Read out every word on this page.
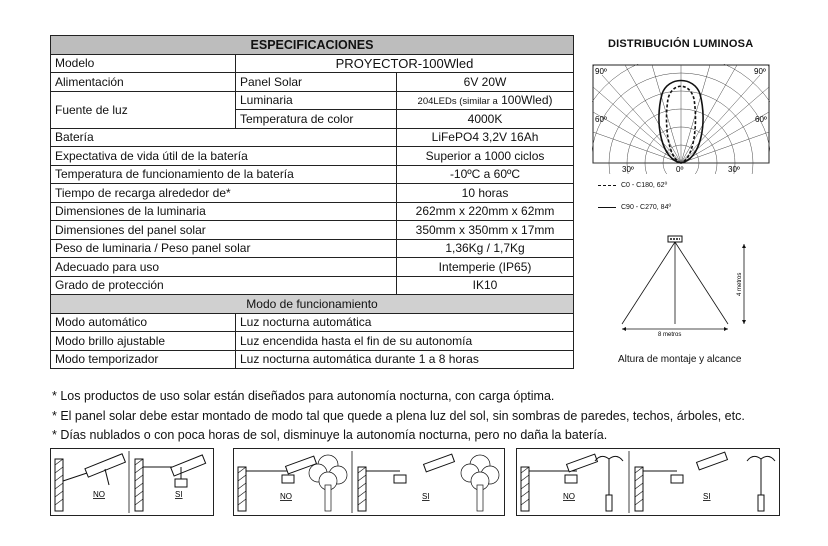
ESPECIFICACIONES		
Modelo	PROYECTOR-100Wled	
Alimentación	Panel Solar	6V 20W
Fuente de luz	Luminaria	204LEDs (similar a 100Wled)
	Temperatura de color	4000K
Batería		LiFePO4 3,2V 16Ah
Expectativa de vida útil de la batería		Superior a 1000 ciclos
Temperatura de funcionamiento de la batería		-10ºC a 60ºC
Tiempo de recarga alrededor de*		10 horas
Dimensiones de la luminaria		262mm x 220mm x 62mm
Dimensiones del panel solar		350mm x 350mm x 17mm
Peso de luminaria / Peso panel solar		1,36Kg / 1,7Kg
Adecuado para uso		Intemperie (IP65)
Grado de protección		IK10
Modo de funcionamiento		
Modo automático	Luz nocturna automática	
Modo brillo ajustable	Luz encendida hasta el fin de su autonomía	
Modo temporizador	Luz nocturna automática durante 1 a 8 horas	
DISTRIBUCIÓN LUMINOSA
90º	90º
60º	60º
30º	0º	30º
C0 - C180, 62º
C90 - C270, 84º
8 metros
4 metros
Altura de montaje y alcance
* Los productos de uso solar están diseñados para autonomía nocturna, con carga óptima.
* El panel solar debe estar montado de modo tal que quede a plena luz del sol, sin sombras de paredes, techos, árboles, etc.
* Días nublados o con poca horas de sol, disminuye la autonomía nocturna, pero no daña la batería.
NO	SI	NO	SI	NO	SI
